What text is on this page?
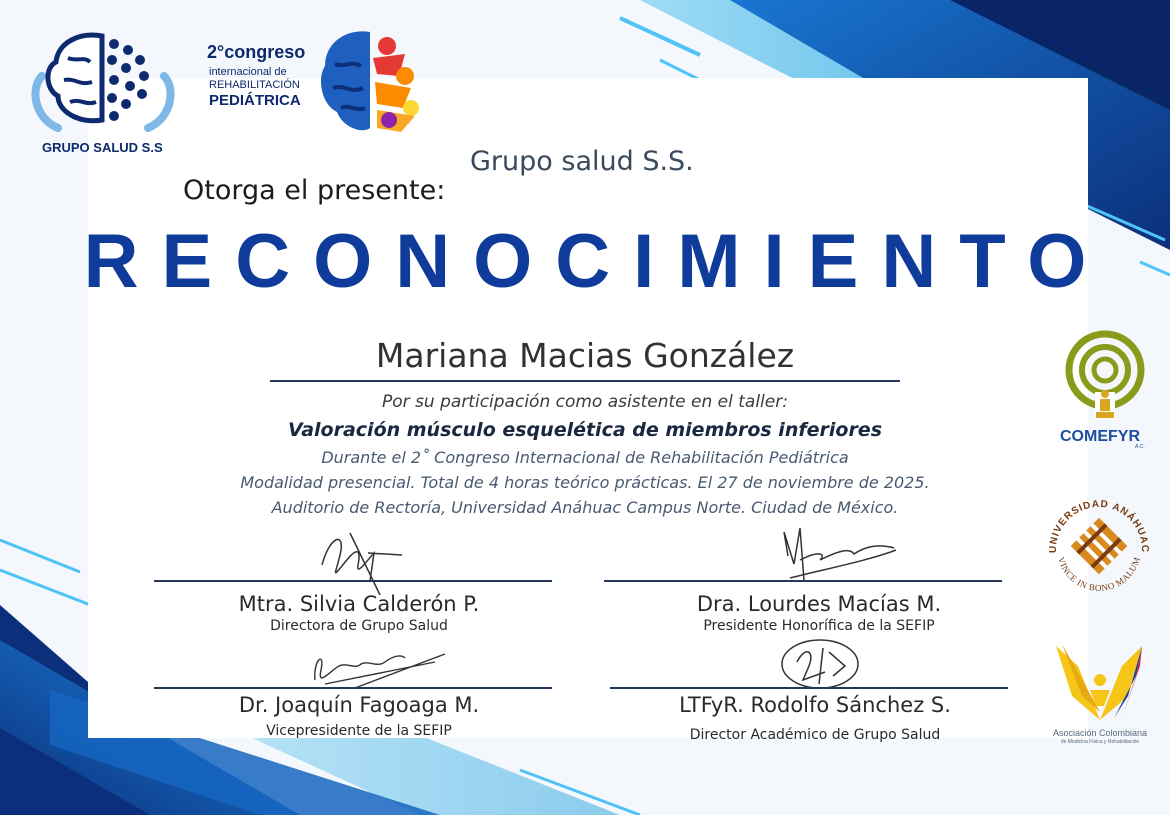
GRUPO SALUD S.S
2°congreso
internacional de
REHABILITACIÓN
PEDIÁTRICA
Grupo salud S.S.
Otorga el presente:
RECONOCIMIENTO
Mariana Macias González
Por su participación como asistente en el taller:
Valoración músculo esquelética de miembros inferiores
Durante el 2˚ Congreso Internacional de Rehabilitación Pediátrica
Modalidad presencial. Total de 4 horas teórico prácticas. El 27 de noviembre de 2025.
Auditorio de Rectoría, Universidad Anáhuac Campus Norte. Ciudad de México.
Mtra. Silvia Calderón P.
Directora de Grupo Salud
Dra. Lourdes Macías M.
Presidente Honorífica de la SEFIP
Dr. Joaquín Fagoaga M.
Vicepresidente de la SEFIP
LTFyR. Rodolfo Sánchez S.
Director Académico de Grupo Salud
COMEFYR
A.C.
UNIVERSIDAD ANÁHUAC
VINCE IN BONO MALUM
Asociación Colombiana
de Medicina Física y Rehabilitación
